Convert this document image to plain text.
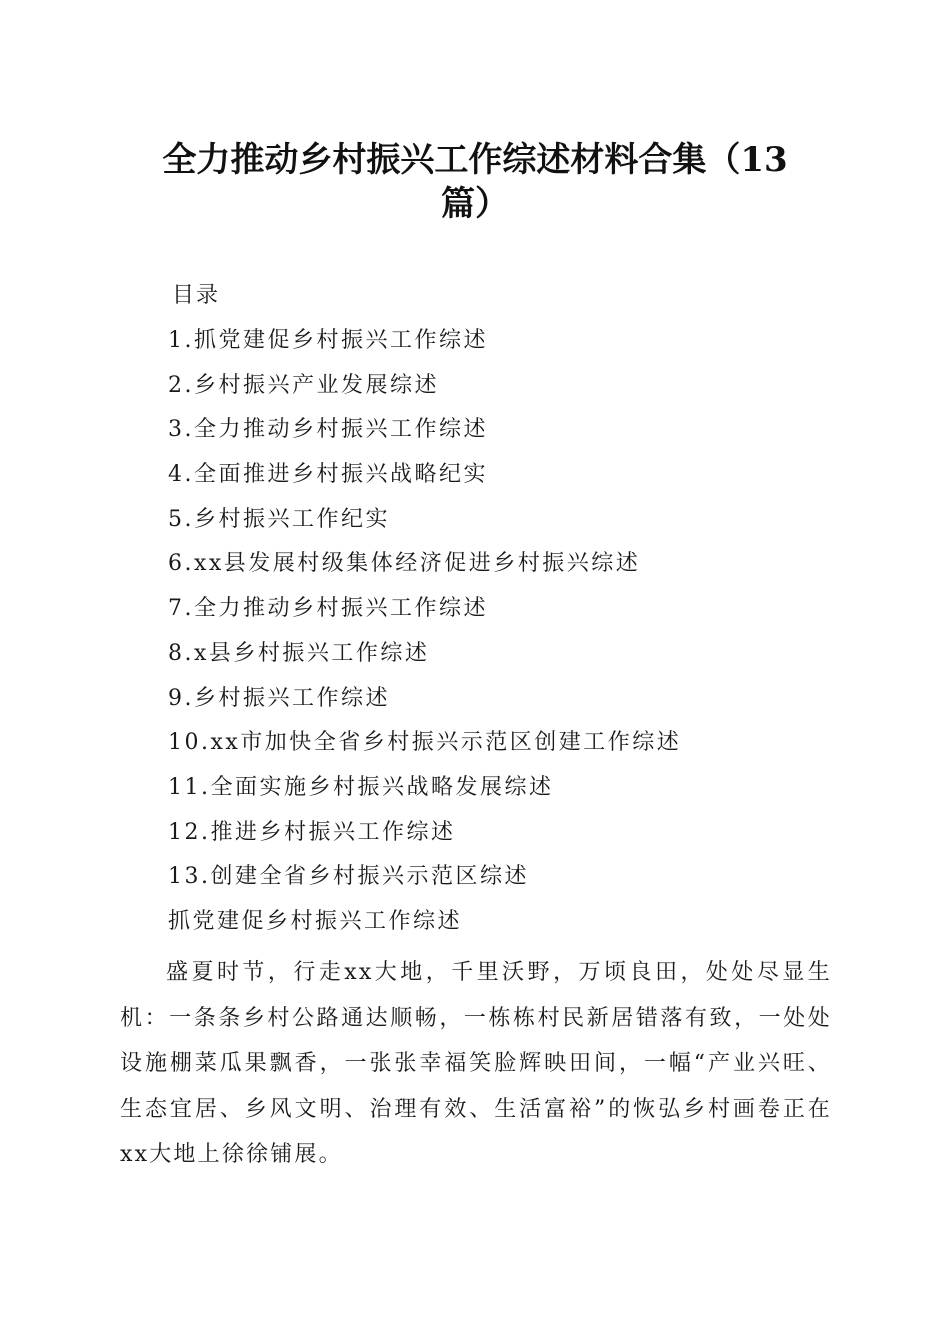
全力推动乡村振兴工作综述材料合集（13
篇）
目录
1.抓党建促乡村振兴工作综述
2.乡村振兴产业发展综述
3.全力推动乡村振兴工作综述
4.全面推进乡村振兴战略纪实
5.乡村振兴工作纪实
6.xx县发展村级集体经济促进乡村振兴综述
7.全力推动乡村振兴工作综述
8.x县乡村振兴工作综述
9.乡村振兴工作综述
10.xx市加快全省乡村振兴示范区创建工作综述
11.全面实施乡村振兴战略发展综述
12.推进乡村振兴工作综述
13.创建全省乡村振兴示范区综述
抓党建促乡村振兴工作综述

盛夏时节，行走xx大地，千里沃野，万顷良田，处处尽显生机：一条条乡村公路通达顺畅，一栋栋村民新居错落有致，一处处设施棚菜瓜果飘香，一张张幸福笑脸辉映田间，一幅“产业兴旺、生态宜居、乡风文明、治理有效、生活富裕”的恢弘乡村画卷正在xx大地上徐徐铺展。
